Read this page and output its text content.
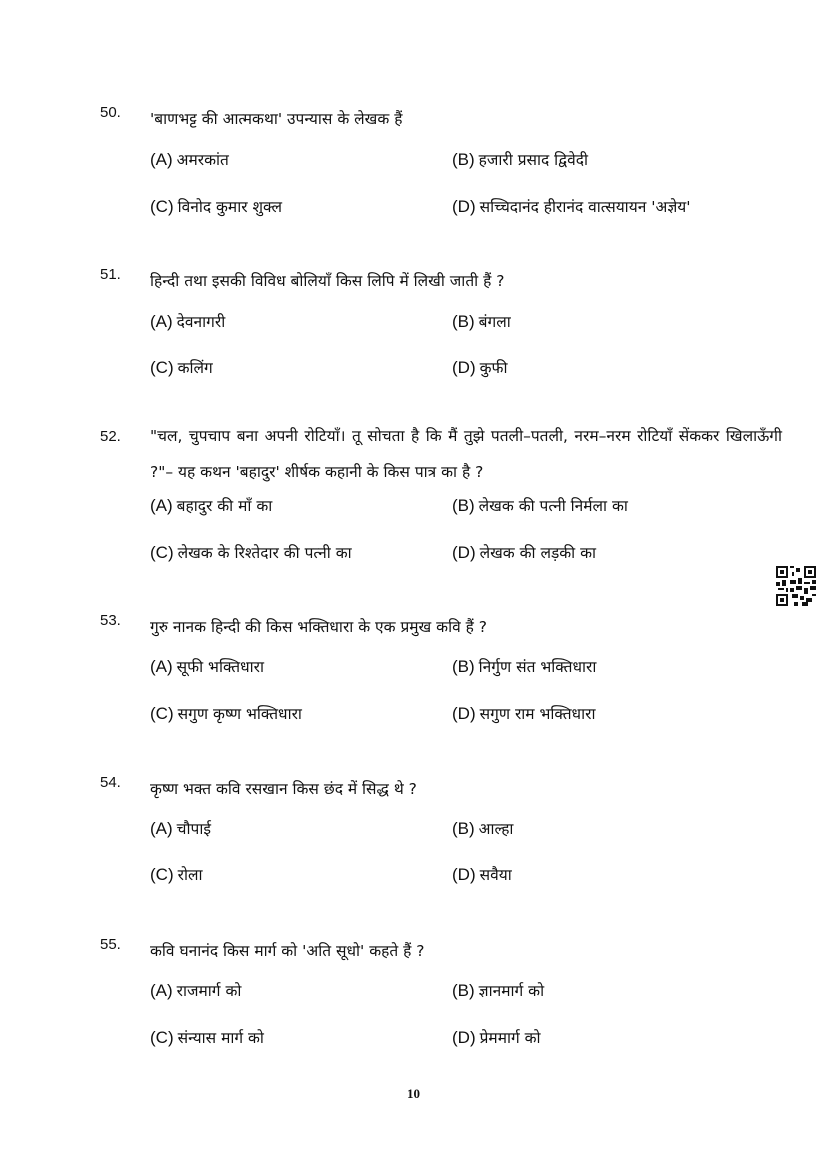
50. 'बाणभट्ट की आत्मकथा' उपन्यास के लेखक हैं
(A) अमरकांत	(B) हजारी प्रसाद द्विवेदी
(C) विनोद कुमार शुक्ल	(D) सच्चिदानंद हीरानंद वात्सयायन 'अज्ञेय'
51. हिन्दी तथा इसकी विविध बोलियाँ किस लिपि में लिखी जाती हैं ?
(A) देवनागरी	(B) बंगला
(C) कलिंग	(D) कुफी
52. "चल, चुपचाप बना अपनी रोटियाँ। तू सोचता है कि मैं तुझे पतली–पतली, नरम–नरम रोटियाँ सेंककर खिलाऊँगी ?"– यह कथन 'बहादुर' शीर्षक कहानी के किस पात्र का है ?
(A) बहादुर की माँ का	(B) लेखक की पत्नी निर्मला का
(C) लेखक के रिश्तेदार की पत्नी का	(D) लेखक की लड़की का
53. गुरु नानक हिन्दी की किस भक्तिधारा के एक प्रमुख कवि हैं ?
(A) सूफी भक्तिधारा	(B) निर्गुण संत भक्तिधारा
(C) सगुण कृष्ण भक्तिधारा	(D) सगुण राम भक्तिधारा
54. कृष्ण भक्त कवि रसखान किस छंद में सिद्ध थे ?
(A) चौपाई	(B) आल्हा
(C) रोला	(D) सवैया
55. कवि घनानंद किस मार्ग को 'अति सूधो' कहते हैं ?
(A) राजमार्ग को	(B) ज्ञानमार्ग को
(C) संन्यास मार्ग को	(D) प्रेममार्ग को
10
